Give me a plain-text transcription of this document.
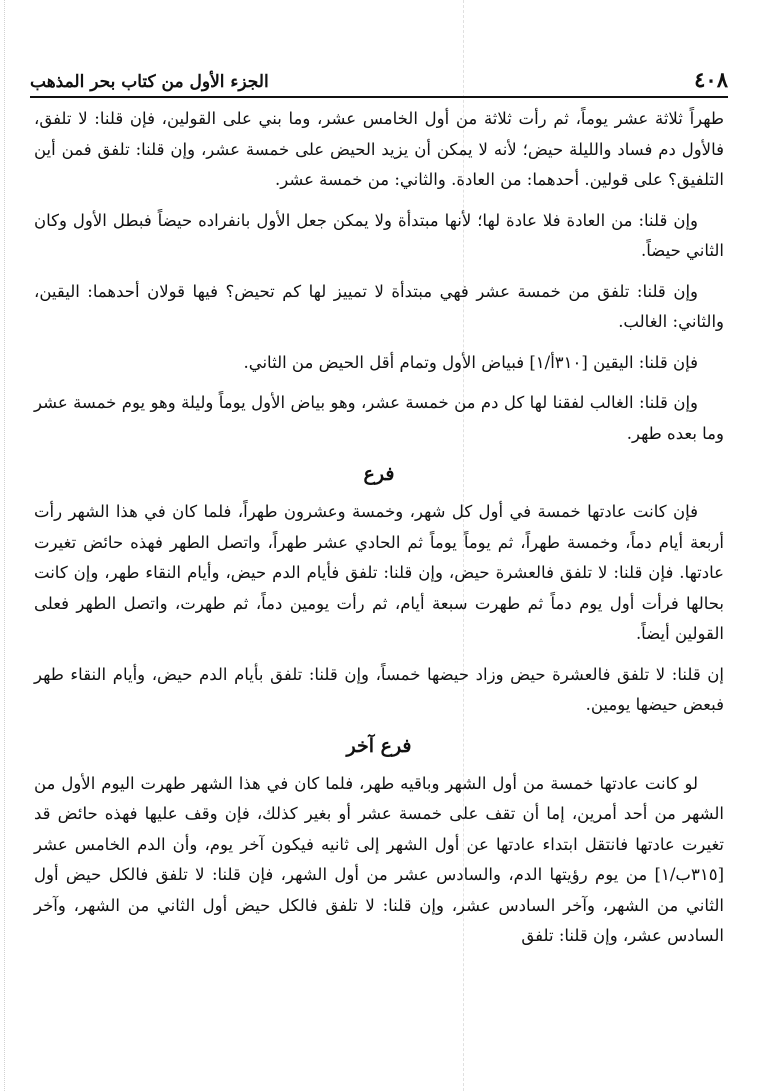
٤٠٨
الجزء الأول من كتاب بحر المذهب

طهراً ثلاثة عشر يوماً، ثم رأت ثلاثة من أول الخامس عشر، وما بني على القولين، فإن قلنا: لا تلفق، فالأول دم فساد والليلة حيض؛ لأنه لا يمكن أن يزيد الحيض على خمسة عشر، وإن قلنا: تلفق فمن أين التلفيق؟ على قولين. أحدهما: من العادة. والثاني: من خمسة عشر.

وإن قلنا: من العادة فلا عادة لها؛ لأنها مبتدأة ولا يمكن جعل الأول بانفراده حيضاً فبطل الأول وكان الثاني حيضاً.

وإن قلنا: تلفق من خمسة عشر فهي مبتدأة لا تمييز لها كم تحيض؟ فيها قولان أحدهما: اليقين، والثاني: الغالب.

فإن قلنا: اليقين [٣١٠أ/١] فبياض الأول وتمام أقل الحيض من الثاني.

وإن قلنا: الغالب لفقنا لها كل دم من خمسة عشر، وهو بياض الأول يوماً وليلة وهو يوم خمسة عشر وما بعده طهر.

فرع

فإن كانت عادتها خمسة في أول كل شهر، وخمسة وعشرون طهراً، فلما كان في هذا الشهر رأت أربعة أيام دماً، وخمسة طهراً، ثم يوماً يوماً ثم الحادي عشر طهراً، واتصل الطهر فهذه حائض تغيرت عادتها. فإن قلنا: لا تلفق فالعشرة حيض، وإن قلنا: تلفق فأيام الدم حيض، وأيام النقاء طهر، وإن كانت بحالها فرأت أول يوم دماً ثم طهرت سبعة أيام، ثم رأت يومين دماً، ثم طهرت، واتصل الطهر فعلى القولين أيضاً.

إن قلنا: لا تلفق فالعشرة حيض وزاد حيضها خمساً، وإن قلنا: تلفق بأيام الدم حيض، وأيام النقاء طهر فبعض حيضها يومين.

فرع آخر

لو كانت عادتها خمسة من أول الشهر وباقيه طهر، فلما كان في هذا الشهر طهرت اليوم الأول من الشهر من أحد أمرين، إما أن تقف على خمسة عشر أو بغير كذلك، فإن وقف عليها فهذه حائض قد تغيرت عادتها فانتقل ابتداء عادتها عن أول الشهر إلى ثانيه فيكون آخر يوم، وأن الدم الخامس عشر [٣١٥ب/١] من يوم رؤيتها الدم، والسادس عشر من أول الشهر، فإن قلنا: لا تلفق فالكل حيض أول الثاني من الشهر، وآخر السادس عشر، وإن قلنا: لا تلفق فالكل حيض أول الثاني من الشهر، وآخر السادس عشر، وإن قلنا: تلفق
